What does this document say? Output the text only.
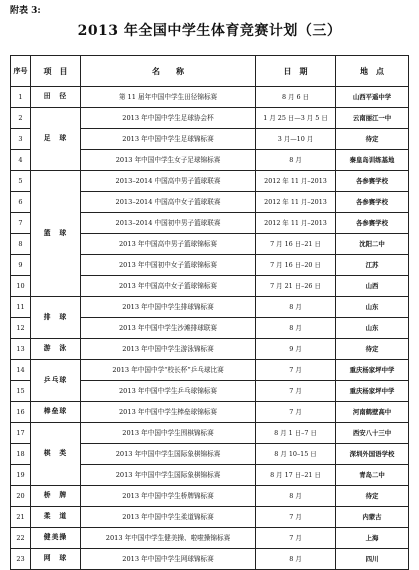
附表 3:
2013 年全国中学生体育竞赛计划（三）
序号	项　目	名　　称	日　期	地　点
1	田　径	第 11 届年中国中学生田径锦标赛	8 月 6 日	山西平遥中学
2	足　球	2013 年中国中学生足球协会杯	1 月 25 日—3 月 5 日	云南丽江一中
3		2013 年中国中学生足球锦标赛	3 月—10 月	待定
4		2013 年中国中学生女子足球锦标赛	8 月	秦皇岛训练基地
5	篮　球	2013–2014 中国高中男子篮球联赛	2012 年 11 月–2013	各参赛学校
6		2013–2014 中国高中女子篮球联赛	2012 年 11 月–2013	各参赛学校
7		2013–2014 中国初中男子篮球联赛	2012 年 11 月–2013	各参赛学校
8		2013 年中国高中男子篮球锦标赛	7 月 16 日–21 日	沈阳二中
9		2013 年中国初中女子篮球锦标赛	7 月 16 日–20 日	江苏
10		2013 年中国高中女子篮球锦标赛	7 月 21 日–26 日	山西
11	排　球	2013 年中国中学生排球锦标赛	8 月	山东
12		2013 年中国中学生沙滩排球联赛	8 月	山东
13	游　泳	2013 年中国中学生游泳锦标赛	9 月	待定
14	乒乓球	2013 年中国中学“校长杯”乒乓球比赛	7 月	重庆杨家坪中学
15		2013 年中国中学生乒乓球锦标赛	7 月	重庆杨家坪中学
16	棒垒球	2013 年中国中学生棒垒球锦标赛	7 月	河南鹤壁高中
17	棋　类	2013 年中国中学生围棋锦标赛	8 月 1 日–7 日	西安八十三中
18		2013 年中国中学生国际象棋锦标赛	8 月 10–15 日	深圳外国语学校
19		2013 年中国中学生国际象棋锦标赛	8 月 17 日–21 日	青岛二中
20	桥　牌	2013 年中国中学生桥牌锦标赛	8 月	待定
21	柔　道	2013 年中国中学生柔道锦标赛	7 月	内蒙古
22	健美操	2013 年中国中学生健美操、啦啦操锦标赛	7 月	上海
23	网　球	2013 年中国中学生网球锦标赛	8 月	四川
